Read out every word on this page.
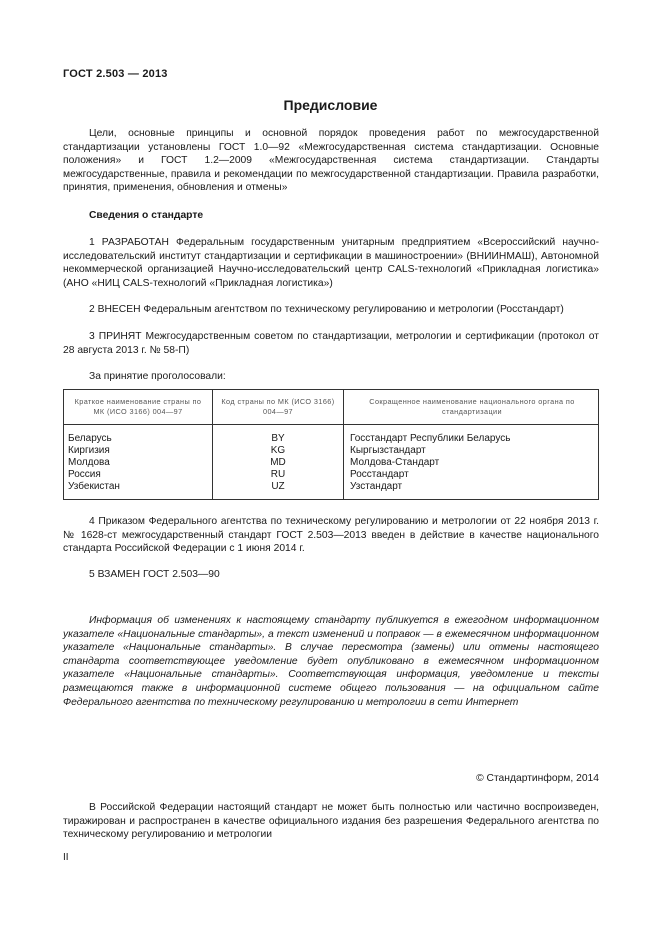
ГОСТ 2.503 — 2013
Предисловие
Цели, основные принципы и основной порядок проведения работ по межгосударственной стандартизации установлены ГОСТ 1.0—92 «Межгосударственная система стандартизации. Основные положения» и ГОСТ 1.2—2009 «Межгосударственная система стандартизации. Стандарты межгосударственные, правила и рекомендации по межгосударственной стандартизации. Правила разработки, принятия, применения, обновления и отмены»
Сведения о стандарте
1 РАЗРАБОТАН Федеральным государственным унитарным предприятием «Всероссийский научно-исследовательский институт стандартизации и сертификации в машиностроении» (ВНИИНМАШ), Автономной некоммерческой организацией Научно-исследовательский центр CALS-технологий «Прикладная логистика» (АНО «НИЦ CALS-технологий «Прикладная логистика»)
2 ВНЕСЕН Федеральным агентством по техническому регулированию и метрологии (Росстандарт)
3 ПРИНЯТ Межгосударственным советом по стандартизации, метрологии и сертификации (протокол от 28 августа 2013 г. № 58-П)
За принятие проголосовали:
Краткое наименование страны по МК (ИСО 3166) 004—97	Код страны по МК (ИСО 3166) 004—97	Сокращенное наименование национального органа по стандартизации
Беларусь	BY	Госстандарт Республики Беларусь
Киргизия	KG	Кыргызстандарт
Молдова	MD	Молдова-Стандарт
Россия	RU	Росстандарт
Узбекистан	UZ	Узстандарт
4 Приказом Федерального агентства по техническому регулированию и метрологии от 22 ноября 2013 г. № 1628-ст межгосударственный стандарт ГОСТ 2.503—2013 введен в действие в качестве национального стандарта Российской Федерации с 1 июня 2014 г.
5 ВЗАМЕН ГОСТ 2.503—90
Информация об изменениях к настоящему стандарту публикуется в ежегодном информационном указателе «Национальные стандарты», а текст изменений и поправок — в ежемесячном информационном указателе «Национальные стандарты». В случае пересмотра (замены) или отмены настоящего стандарта соответствующее уведомление будет опубликовано в ежемесячном информационном указателе «Национальные стандарты». Соответствующая информация, уведомление и тексты размещаются также в информационной системе общего пользования — на официальном сайте Федерального агентства по техническому регулированию и метрологии в сети Интернет
© Стандартинформ, 2014
В Российской Федерации настоящий стандарт не может быть полностью или частично воспроизведен, тиражирован и распространен в качестве официального издания без разрешения Федерального агентства по техническому регулированию и метрологии
II
